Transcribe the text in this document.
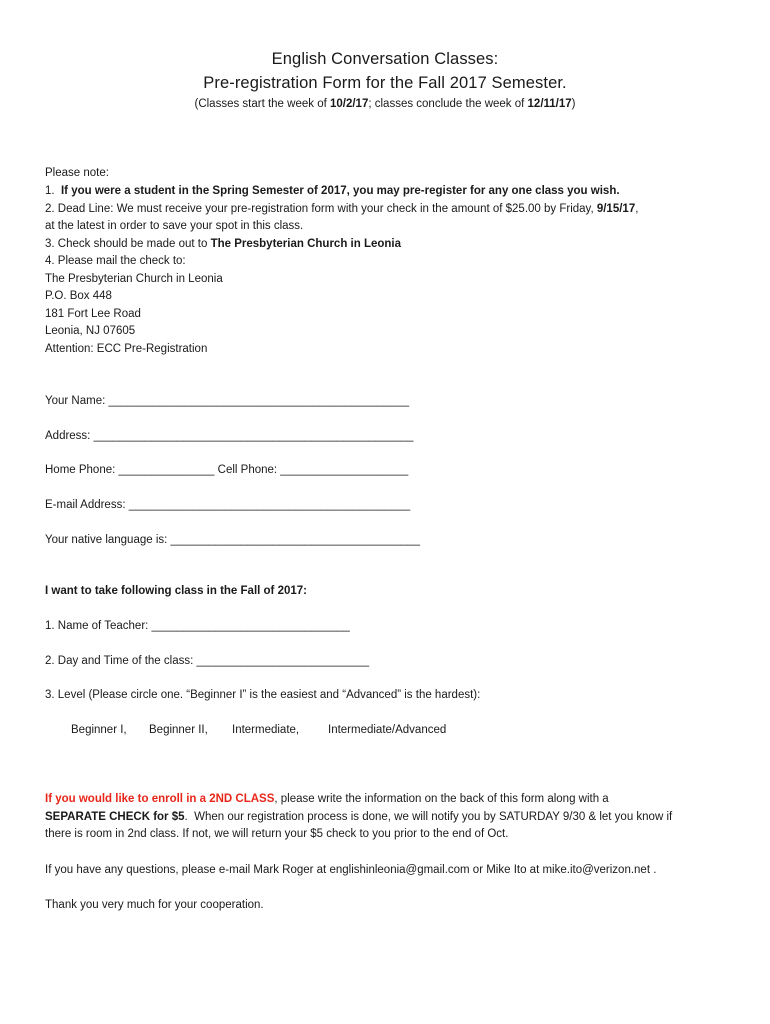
English Conversation Classes:
Pre-registration Form for the Fall 2017 Semester.
(Classes start the week of 10/2/17; classes conclude the week of 12/11/17)
Please note:
1.  If you were a student in the Spring Semester of 2017, you may pre-register for any one class you wish.
2. Dead Line: We must receive your pre-registration form with your check in the amount of $25.00 by Friday, 9/15/17,
at the latest in order to save your spot in this class.
3. Check should be made out to The Presbyterian Church in Leonia
4. Please mail the check to:
The Presbyterian Church in Leonia
P.O. Box 448
181 Fort Lee Road
Leonia, NJ 07605
Attention: ECC Pre-Registration
Your Name: _______________________________________________
Address: __________________________________________________
Home Phone: _______________ Cell Phone: ____________________
E-mail Address: ____________________________________________
Your native language is: _______________________________________
I want to take following class in the Fall of 2017:
1. Name of Teacher: _______________________________
2. Day and Time of the class: ___________________________
3. Level (Please circle one. “Beginner I” is the easiest and “Advanced” is the hardest):
Beginner I, Beginner II, Intermediate,	Intermediate/Advanced
If you would like to enroll in a 2ND CLASS, please write the information on the back of this form along with a
SEPARATE CHECK for $5.  When our registration process is done, we will notify you by SATURDAY 9/30 & let you know if
there is room in 2nd class. If not, we will return your $5 check to you prior to the end of Oct.
If you have any questions, please e-mail Mark Roger at englishinleonia@gmail.com or Mike Ito at mike.ito@verizon.net .
Thank you very much for your cooperation.
